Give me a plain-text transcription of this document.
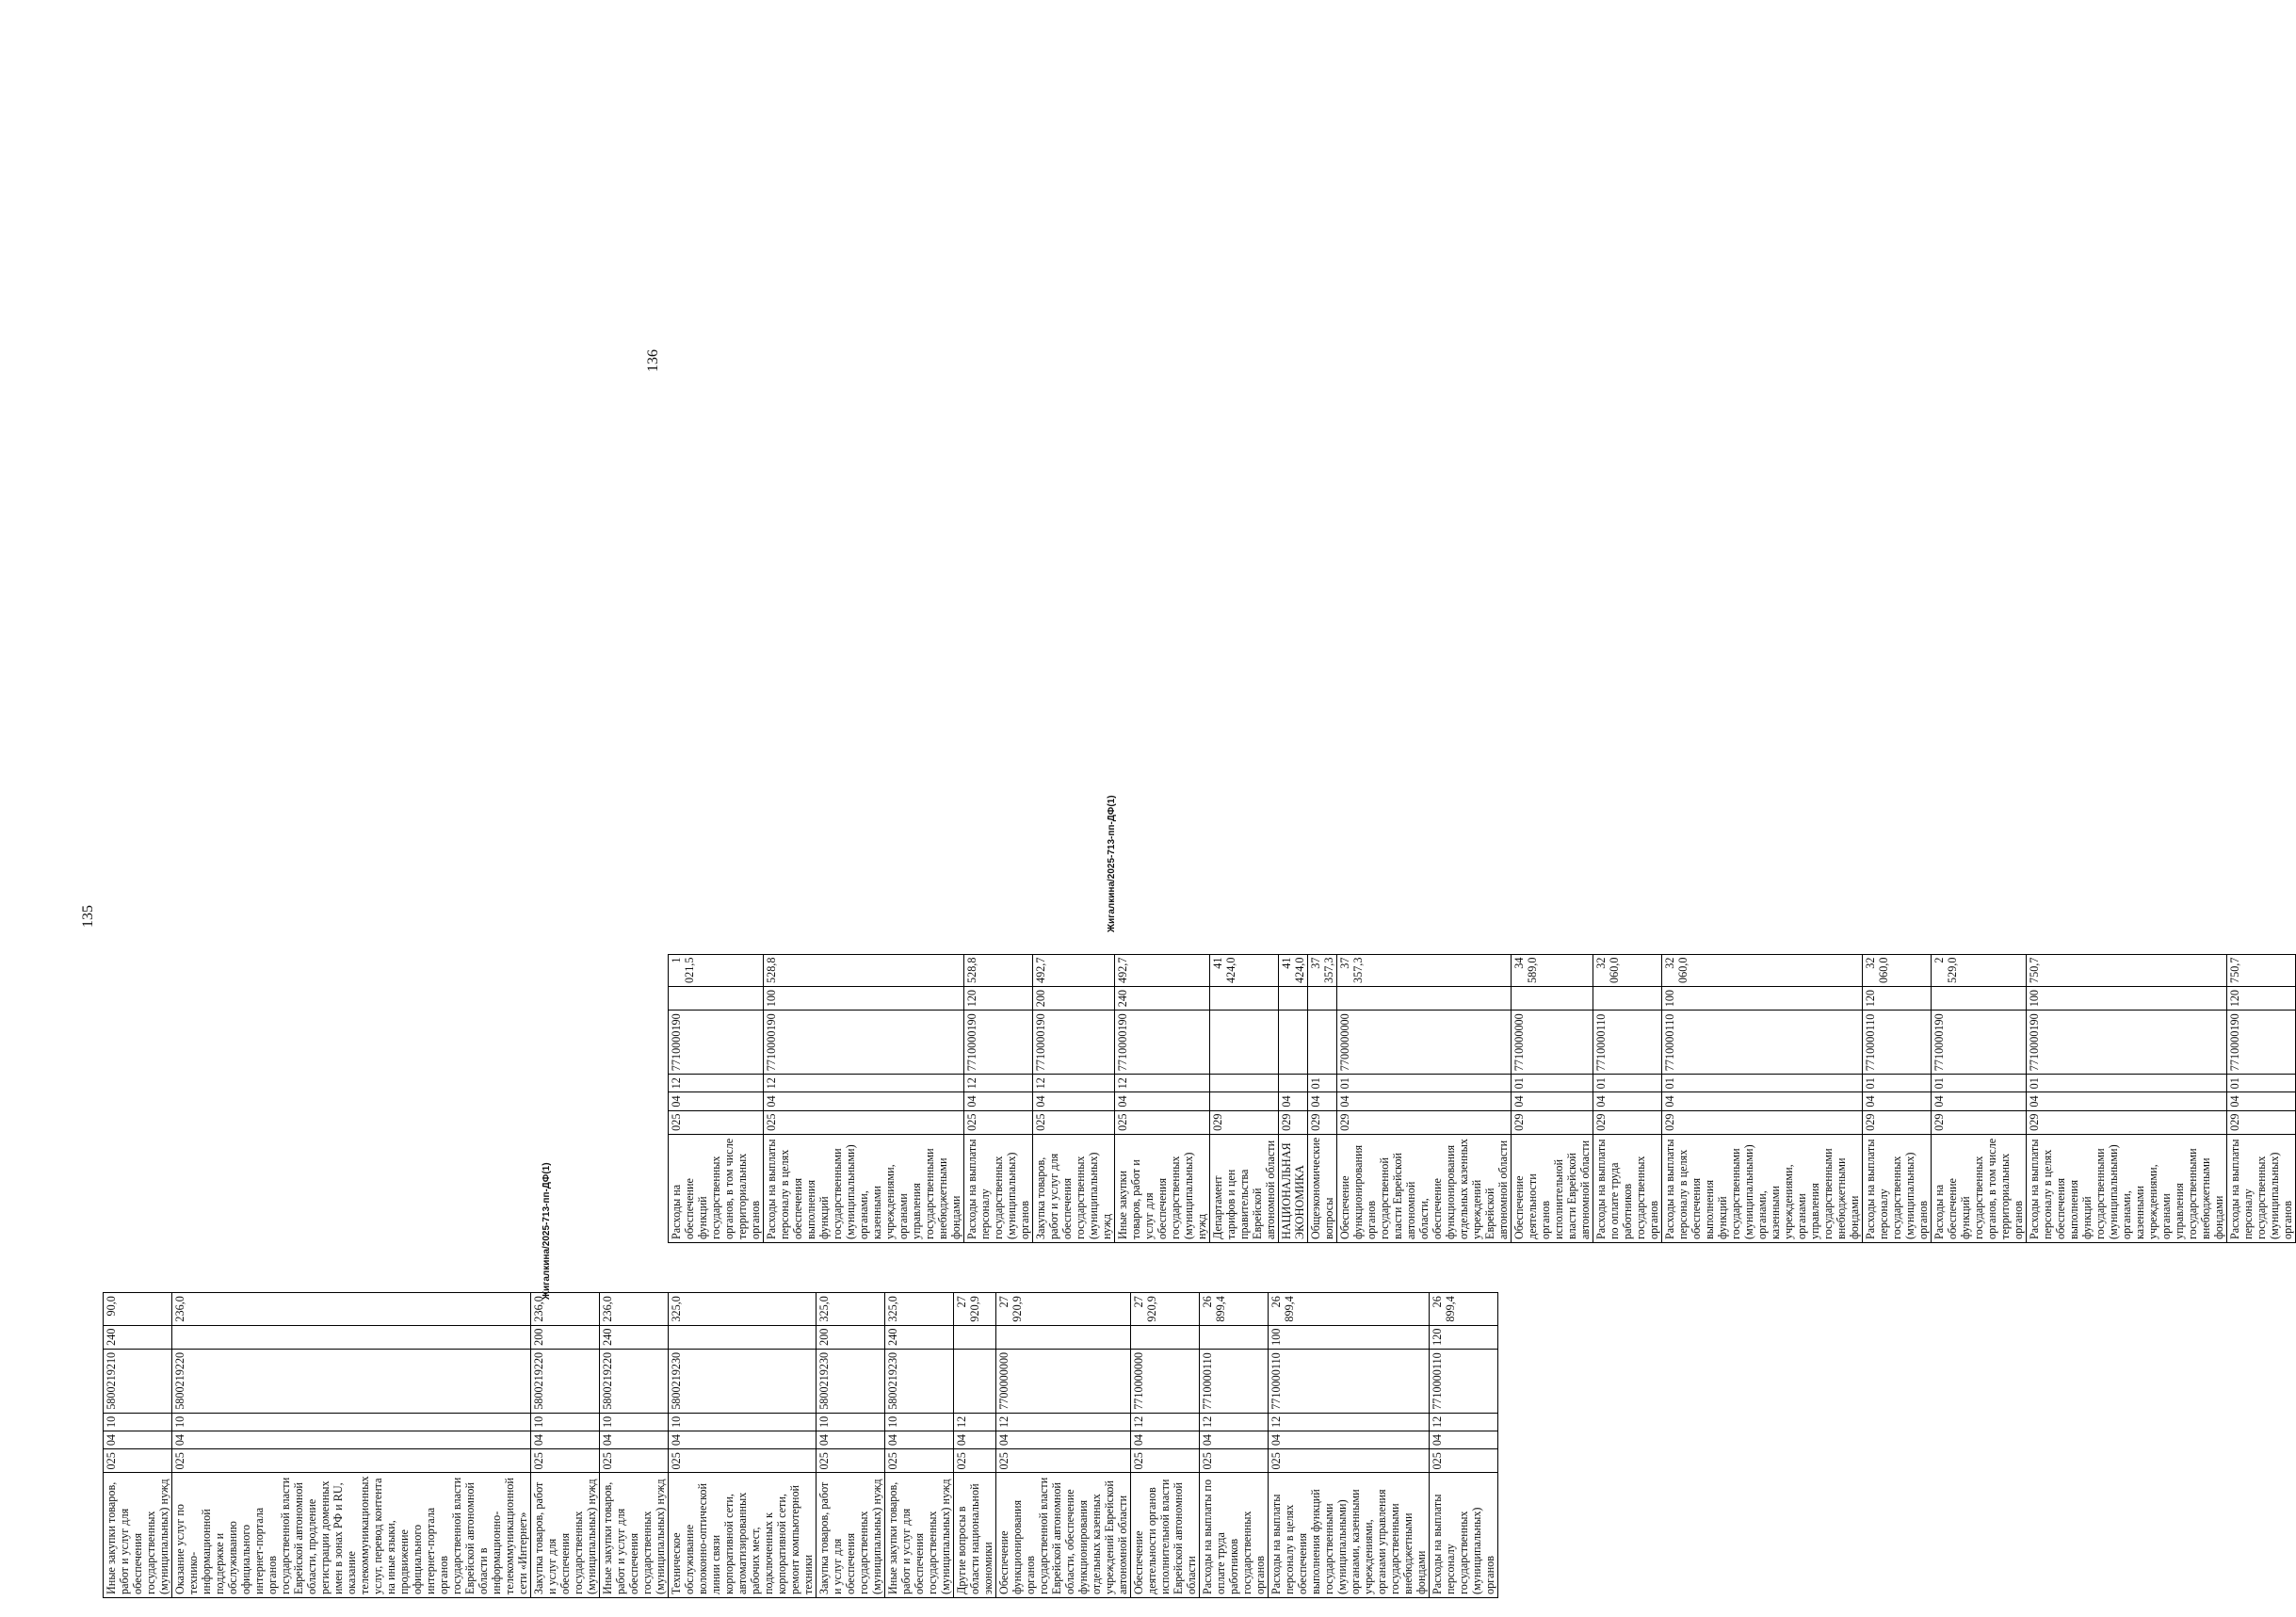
135
Иные закупки товаров, работ и услуг для обеспечения государственных (муниципальных) нужд	025	04	10	5800219210	240	90,0
Оказание услуг по технико-информационной поддержке и обслуживанию официального интернет-портала органов государственной власти Еврейской автономной области, продление регистрации доменных имен в зонах РФ и RU, оказание телекоммуникационных услуг, перевод контента на иные языки, продвижение официального интернет-портала органов государственной власти Еврейской автономной области в информационно-телекоммуникационной сети «Интернет»	025	04	10	5800219220		236,0
Закупка товаров, работ и услуг для обеспечения государственных (муниципальных) нужд	025	04	10	5800219220	200	236,0
Иные закупки товаров, работ и услуг для обеспечения государственных (муниципальных) нужд	025	04	10	5800219220	240	236,0
Техническое обслуживание волоконно-оптической линии связи корпоративной сети, автоматизированных рабочих мест, подключенных к корпоративной сети, ремонт компьютерной техники	025	04	10	5800219230		325,0
Закупка товаров, работ и услуг для обеспечения государственных (муниципальных) нужд	025	04	10	5800219230	200	325,0
Иные закупки товаров, работ и услуг для обеспечения государственных (муниципальных) нужд	025	04	10	5800219230	240	325,0
Другие вопросы в области национальной экономики	025	04	12			27 920,9
Обеспечение функционирования органов государственной власти Еврейской автономной области, обеспечение функционирования отдельных казенных учреждений Еврейской автономной области	025	04	12	7700000000		27 920,9
Обеспечение деятельности органов исполнительной власти Еврейской автономной области	025	04	12	7710000000		27 920,9
Расходы на выплаты по оплате труда работников государственных органов	025	04	12	7710000110		26 899,4
Расходы на выплаты персоналу в целях обеспечения выполнения функций государственными (муниципальными) органами, казенными учреждениями, органами управления государственными внебюджетными фондами	025	04	12	7710000110	100	26 899,4
Расходы на выплаты персоналу государственных (муниципальных) органов	025	04	12	7710000110	120	26 899,4
Жигалкина/2025-713-пп-ДФ(1)
136
Расходы на обеспечение функций государственных органов, в том числе территориальных органов	025	04	12	7710000190		1 021,5
Расходы на выплаты персоналу в целях обеспечения выполнения функций государственными (муниципальными) органами, казенными учреждениями, органами управления государственными внебюджетными фондами	025	04	12	7710000190	100	528,8
Расходы на выплаты персоналу государственных (муниципальных) органов	025	04	12	7710000190	120	528,8
Закупка товаров, работ и услуг для обеспечения государственных (муниципальных) нужд	025	04	12	7710000190	200	492,7
Иные закупки товаров, работ и услуг для обеспечения государственных (муниципальных) нужд	025	04	12	7710000190	240	492,7
Департамент тарифов и цен правительства Еврейской автономной области	029					41 424,0
НАЦИОНАЛЬНАЯ ЭКОНОМИКА	029	04				41 424,0
Общеэкономические вопросы	029	04	01			37 357,3
Обеспечение функционирования органов государственной власти Еврейской автономной области, обеспечение функционирования отдельных казенных учреждений Еврейской автономной области	029	04	01	7700000000		37 357,3
Обеспечение деятельности органов исполнительной власти Еврейской автономной области	029	04	01	7710000000		34 589,0
Расходы на выплаты по оплате труда работников государственных органов	029	04	01	7710000110		32 060,0
Расходы на выплаты персоналу в целях обеспечения выполнения функций государственными (муниципальными) органами, казенными учреждениями, органами управления государственными внебюджетными фондами	029	04	01	7710000110	100	32 060,0
Расходы на выплаты персоналу государственных (муниципальных) органов	029	04	01	7710000110	120	32 060,0
Расходы на обеспечение функций государственных органов, в том числе территориальных органов	029	04	01	7710000190		2 529,0
Расходы на выплаты персоналу в целях обеспечения выполнения функций государственными (муниципальными) органами, казенными учреждениями, органами управления государственными внебюджетными фондами	029	04	01	7710000190	100	750,7
Расходы на выплаты персоналу государственных (муниципальных) органов	029	04	01	7710000190	120	750,7
Жигалкина/2025-713-пп-ДФ(1)
